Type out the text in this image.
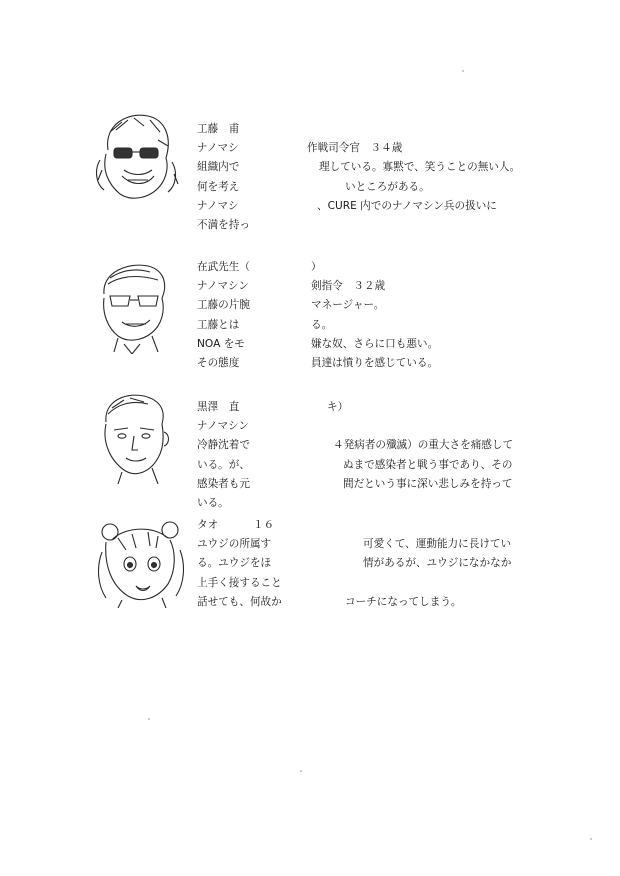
工藤　甫
ナノマシ	作戦司令官　３４歳
組織内で	理している。寡黙で、笑うことの無い人。
何を考え	いところがある。
ナノマシ	、CURE 内でのナノマシン兵の扱いに
不満を持っ
在武先生（	）
ナノマシン	剣指令　３２歳
工藤の片腕	マネージャー。
工藤とは	る。
NOA をモ	嫌な奴、さらに口も悪い。
その態度	員達は憤りを感じている。
黒澤　直	キ）
ナノマシン
冷静沈着で	４発病者の殲滅）の重大さを痛感して
いる。が、	ぬまで感染者と戦う事であり、その
感染者も元	間だという事に深い悲しみを持って
いる。
タオ	１６
ユウジの所属す	可愛くて、運動能力に長けてい
る。ユウジをほ	情があるが、ユウジになかなか
上手く接すること
話せても、何故か	コーチになってしまう。
